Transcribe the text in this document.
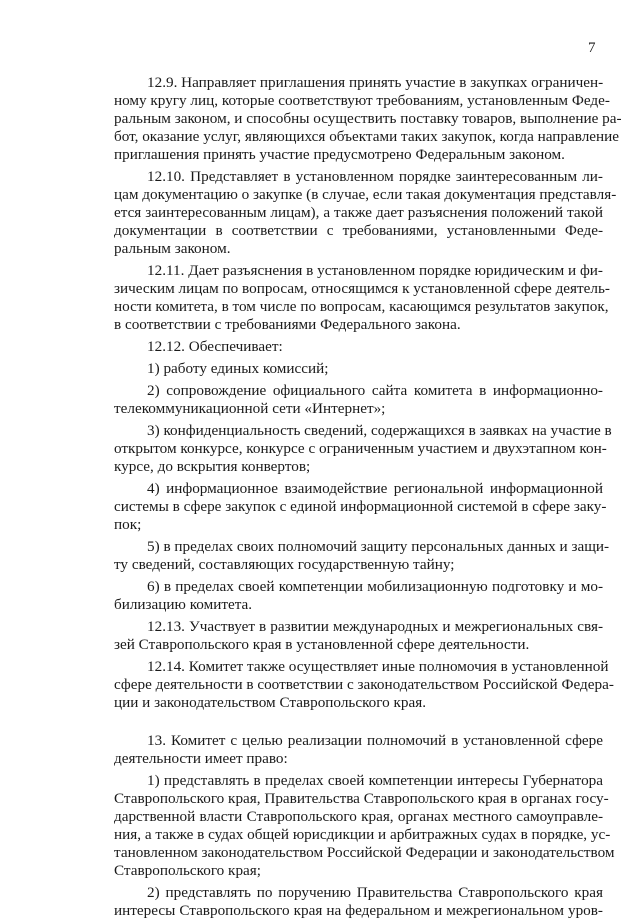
7
12.9. Направляет приглашения принять участие в закупках ограничен-
ному кругу лиц, которые соответствуют требованиям, установленным Феде-
ральным законом, и способны осуществить поставку товаров, выполнение ра-
бот, оказание услуг, являющихся объектами таких закупок, когда направление
приглашения принять участие предусмотрено Федеральным законом.
12.10. Представляет в установленном порядке заинтересованным ли-
цам документацию о закупке (в случае, если такая документация представля-
ется заинтересованным лицам), а также дает разъяснения положений такой
документации в соответствии с требованиями, установленными Феде-
ральным законом.
12.11. Дает разъяснения в установленном порядке юридическим и фи-
зическим лицам по вопросам, относящимся к установленной сфере деятель-
ности комитета, в том числе по вопросам, касающимся результатов закупок,
в соответствии с требованиями Федерального закона.
12.12. Обеспечивает:
1) работу единых комиссий;
2) сопровождение официального сайта комитета в информационно-
телекоммуникационной сети «Интернет»;
3) конфиденциальность сведений, содержащихся в заявках на участие в
открытом конкурсе, конкурсе с ограниченным участием и двухэтапном кон-
курсе, до вскрытия конвертов;
4) информационное взаимодействие региональной информационной
системы в сфере закупок с единой информационной системой в сфере заку-
пок;
5) в пределах своих полномочий защиту персональных данных и защи-
ту сведений, составляющих государственную тайну;
6) в пределах своей компетенции мобилизационную подготовку и мо-
билизацию комитета.
12.13. Участвует в развитии международных и межрегиональных свя-
зей Ставропольского края в установленной сфере деятельности.
12.14. Комитет также осуществляет иные полномочия в установленной
сфере деятельности в соответствии с законодательством Российской Федера-
ции и законодательством Ставропольского края.
13. Комитет с целью реализации полномочий в установленной сфере
деятельности имеет право:
1) представлять в пределах своей компетенции интересы Губернатора
Ставропольского края, Правительства Ставропольского края в органах госу-
дарственной власти Ставропольского края, органах местного самоуправле-
ния, а также в судах общей юрисдикции и арбитражных судах в порядке, ус-
тановленном законодательством Российской Федерации и законодательством
Ставропольского края;
2) представлять по поручению Правительства Ставропольского края
интересы Ставропольского края на федеральном и межрегиональном уров-
